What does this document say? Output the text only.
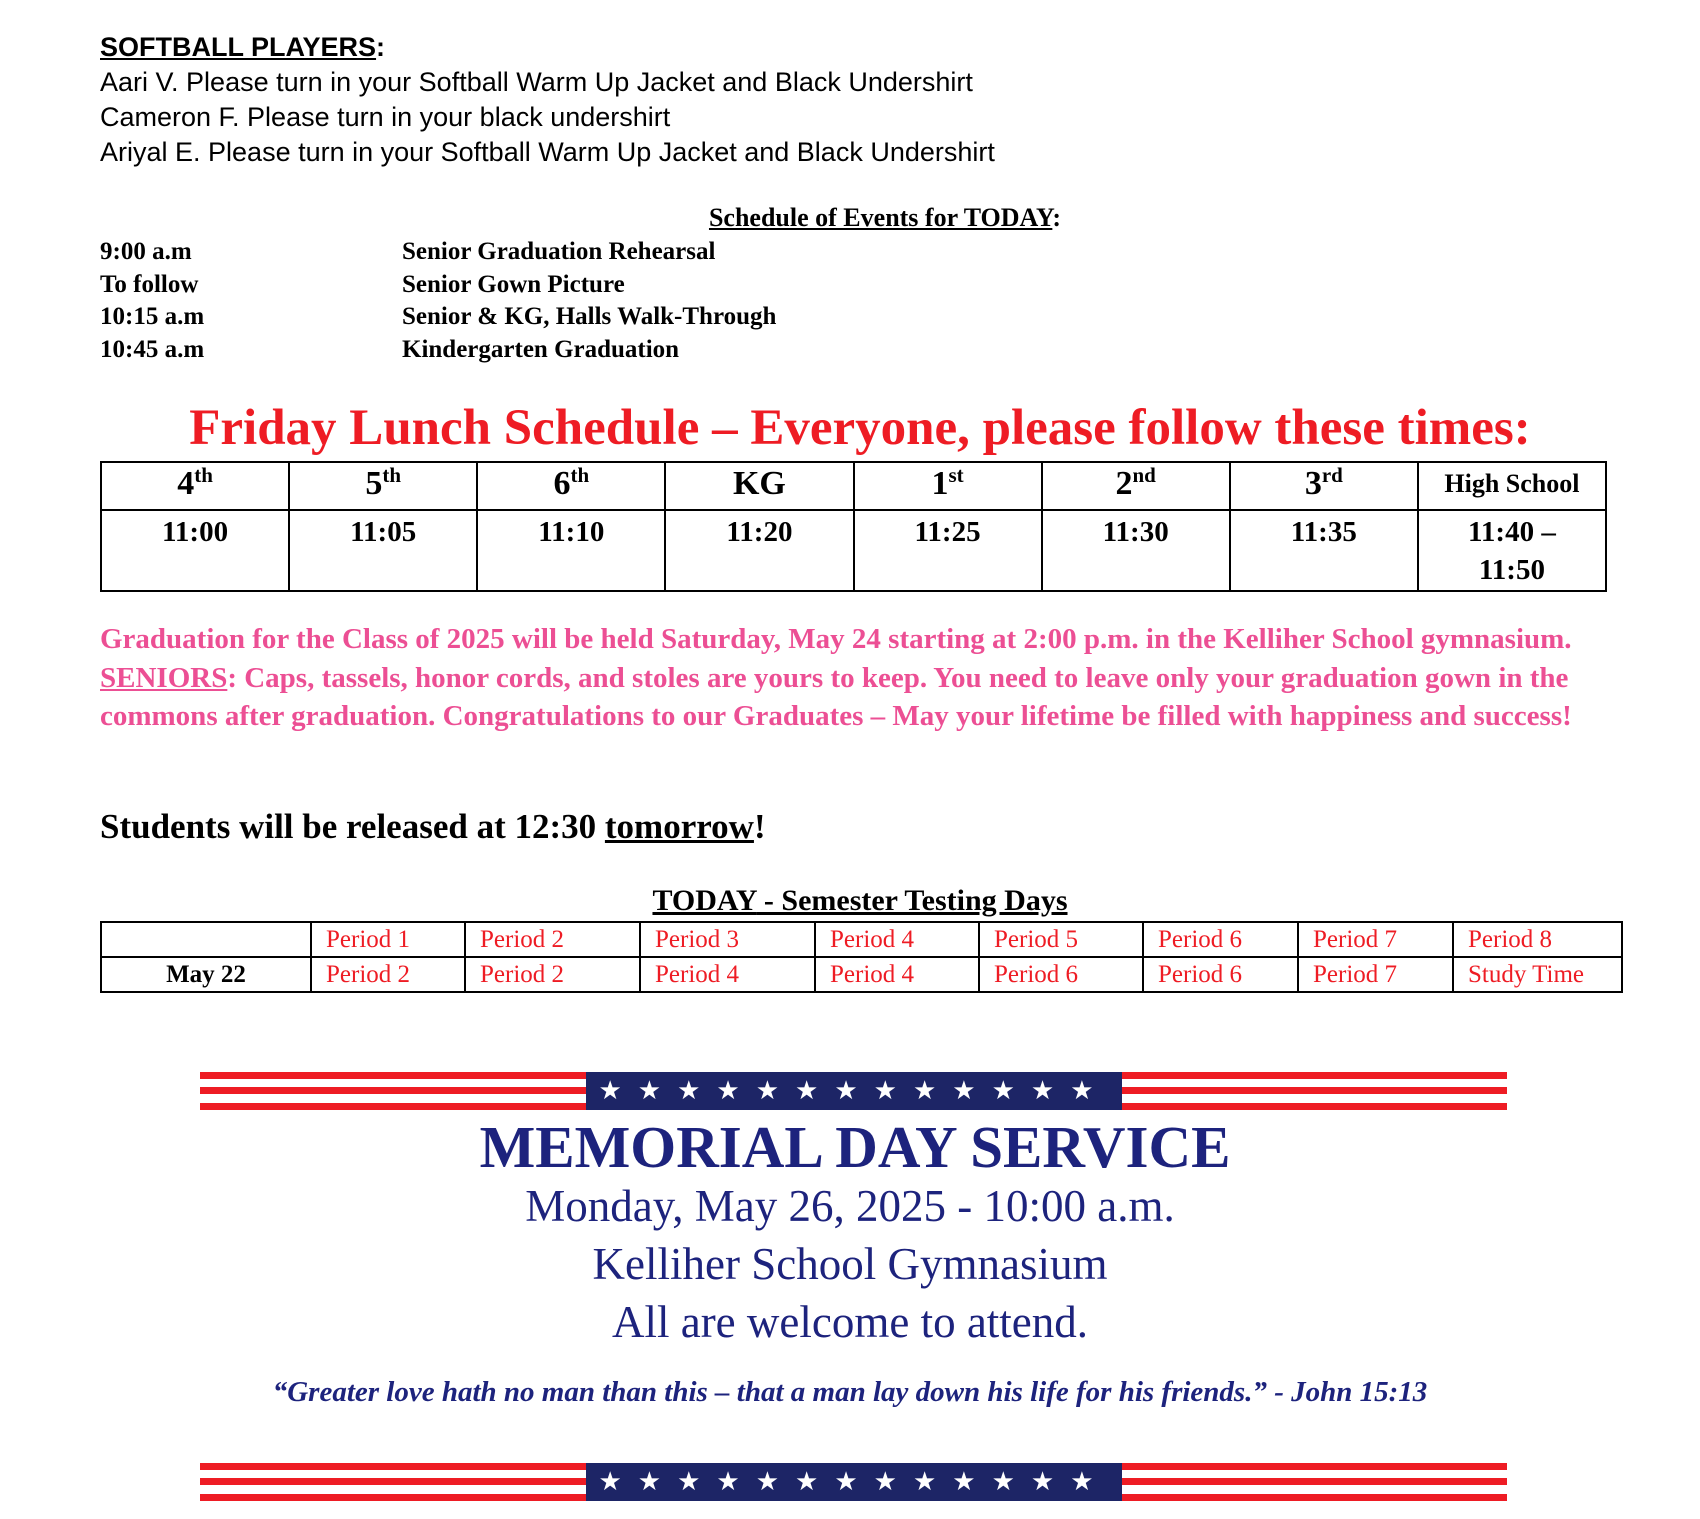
SOFTBALL PLAYERS:
Aari V. Please turn in your Softball Warm Up Jacket and Black Undershirt
Cameron F. Please turn in your black undershirt
Ariyal E. Please turn in your Softball Warm Up Jacket and Black Undershirt
Schedule of Events for TODAY:
9:00 a.m	Senior Graduation Rehearsal
To follow	Senior Gown Picture
10:15 a.m	Senior & KG, Halls Walk-Through
10:45 a.m	Kindergarten Graduation
Friday Lunch Schedule – Everyone, please follow these times:
4th	5th	6th	KG	1st	2nd	3rd	High School
11:00	11:05	11:10	11:20	11:25	11:30	11:35	11:40 –
11:50
Graduation for the Class of 2025 will be held Saturday, May 24 starting at 2:00 p.m. in the Kelliher School gymnasium. SENIORS: Caps, tassels, honor cords, and stoles are yours to keep. You need to leave only your graduation gown in the commons after graduation. Congratulations to our Graduates – May your lifetime be filled with happiness and success!
Students will be released at 12:30 tomorrow!
TODAY - Semester Testing Days
	Period 1	Period 2	Period 3	Period 4	Period 5	Period 6	Period 7	Period 8
May 22	Period 2	Period 2	Period 4	Period 4	Period 6	Period 6	Period 7	Study Time
★★★★★★★★★★★★★
MEMORIAL DAY SERVICE
Monday, May 26, 2025 - 10:00 a.m.
Kelliher School Gymnasium
All are welcome to attend.
“Greater love hath no man than this – that a man lay down his life for his friends.” - John 15:13
★★★★★★★★★★★★★
